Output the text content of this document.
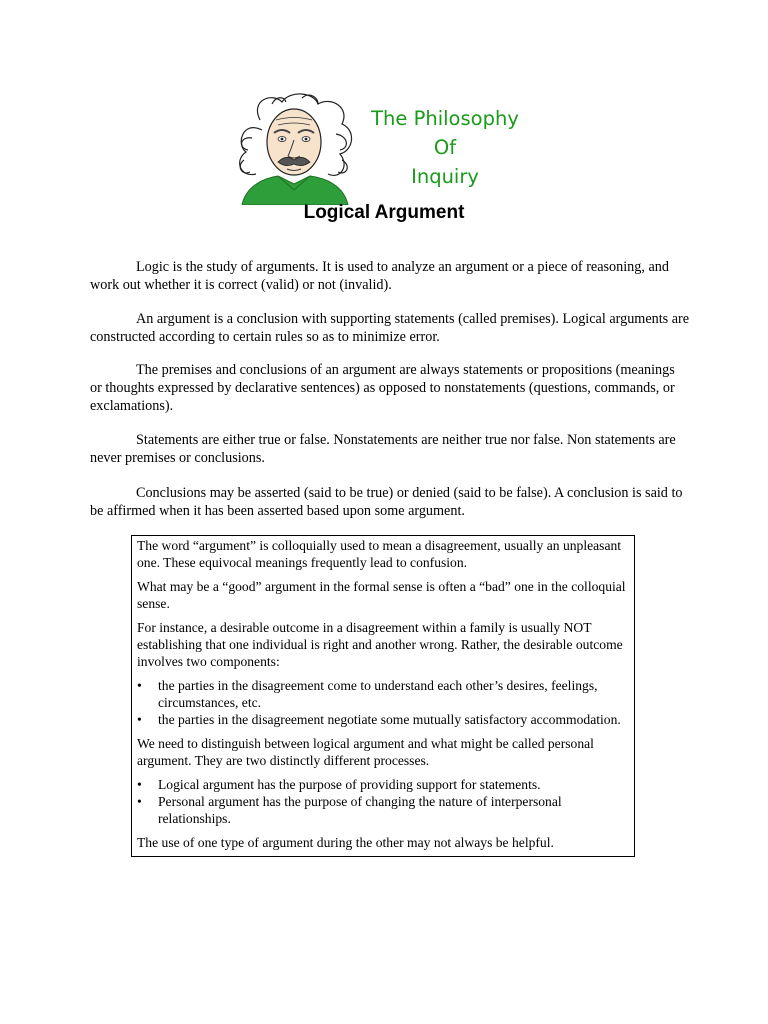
The Philosophy
Of
Inquiry
Logical Argument

Logic is the study of arguments. It is used to analyze an argument or a piece of reasoning, and work out whether it is correct (valid) or not (invalid).

An argument is a conclusion with supporting statements (called premises). Logical arguments are constructed according to certain rules so as to minimize error.

The premises and conclusions of an argument are always statements or propositions (meanings or thoughts expressed by declarative sentences) as opposed to nonstatements (questions, commands, or exclamations).

Statements are either true or false. Nonstatements are neither true nor false. Non statements are never premises or conclusions.

Conclusions may be asserted (said to be true) or denied (said to be false). A conclusion is said to be affirmed when it has been asserted based upon some argument.

The word “argument” is colloquially used to mean a disagreement, usually an unpleasant one. These equivocal meanings frequently lead to confusion.

What may be a “good” argument in the formal sense is often a “bad” one in the colloquial sense.

For instance, a desirable outcome in a disagreement within a family is usually NOT establishing that one individual is right and another wrong. Rather, the desirable outcome involves two components:

• the parties in the disagreement come to understand each other’s desires, feelings, circumstances, etc.
• the parties in the disagreement negotiate some mutually satisfactory accommodation.

We need to distinguish between logical argument and what might be called personal argument. They are two distinctly different processes.

• Logical argument has the purpose of providing support for statements.
• Personal argument has the purpose of changing the nature of interpersonal relationships.

The use of one type of argument during the other may not always be helpful.
